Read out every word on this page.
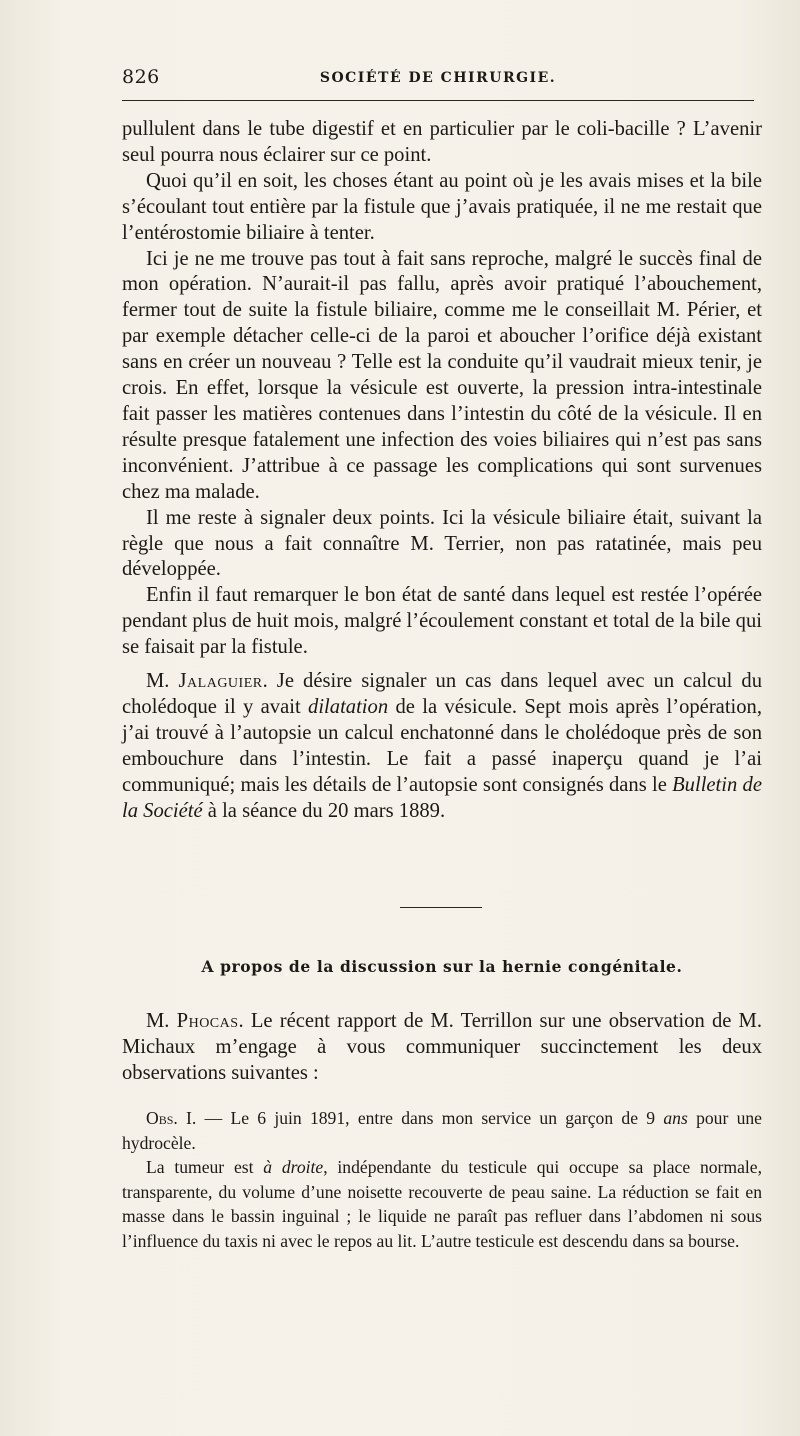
826	SOCIÉTÉ DE CHIRURGIE.

pullulent dans le tube digestif et en particulier par le coli-bacille ? L’avenir seul pourra nous éclairer sur ce point.

Quoi qu’il en soit, les choses étant au point où je les avais mises et la bile s’écoulant tout entière par la fistule que j’avais pratiquée, il ne me restait que l’entérostomie biliaire à tenter.

Ici je ne me trouve pas tout à fait sans reproche, malgré le succès final de mon opération. N’aurait-il pas fallu, après avoir pratiqué l’abouchement, fermer tout de suite la fistule biliaire, comme me le conseillait M. Périer, et par exemple détacher celle-ci de la paroi et aboucher l’orifice déjà existant sans en créer un nouveau ? Telle est la conduite qu’il vaudrait mieux tenir, je crois. En effet, lorsque la vésicule est ouverte, la pression intra-intestinale fait passer les matières contenues dans l’intestin du côté de la vésicule. Il en résulte presque fatalement une infection des voies biliaires qui n’est pas sans inconvénient. J’attribue à ce passage les complications qui sont survenues chez ma malade.

Il me reste à signaler deux points. Ici la vésicule biliaire était, suivant la règle que nous a fait connaître M. Terrier, non pas ratatinée, mais peu développée.

Enfin il faut remarquer le bon état de santé dans lequel est restée l’opérée pendant plus de huit mois, malgré l’écoulement constant et total de la bile qui se faisait par la fistule.

M. Jalaguier. Je désire signaler un cas dans lequel avec un calcul du cholédoque il y avait dilatation de la vésicule. Sept mois après l’opération, j’ai trouvé à l’autopsie un calcul enchatonné dans le cholédoque près de son embouchure dans l’intestin. Le fait a passé inaperçu quand je l’ai communiqué; mais les détails de l’autopsie sont consignés dans le Bulletin de la Société à la séance du 20 mars 1889.

A propos de la discussion sur la hernie congénitale.

M. Phocas. Le récent rapport de M. Terrillon sur une observation de M. Michaux m’engage à vous communiquer succinctement les deux observations suivantes :

Obs. I. — Le 6 juin 1891, entre dans mon service un garçon de 9 ans pour une hydrocèle.

La tumeur est à droite, indépendante du testicule qui occupe sa place normale, transparente, du volume d’une noisette recouverte de peau saine. La réduction se fait en masse dans le bassin inguinal ; le liquide ne paraît pas refluer dans l’abdomen ni sous l’influence du taxis ni avec le repos au lit. L’autre testicule est descendu dans sa bourse.
